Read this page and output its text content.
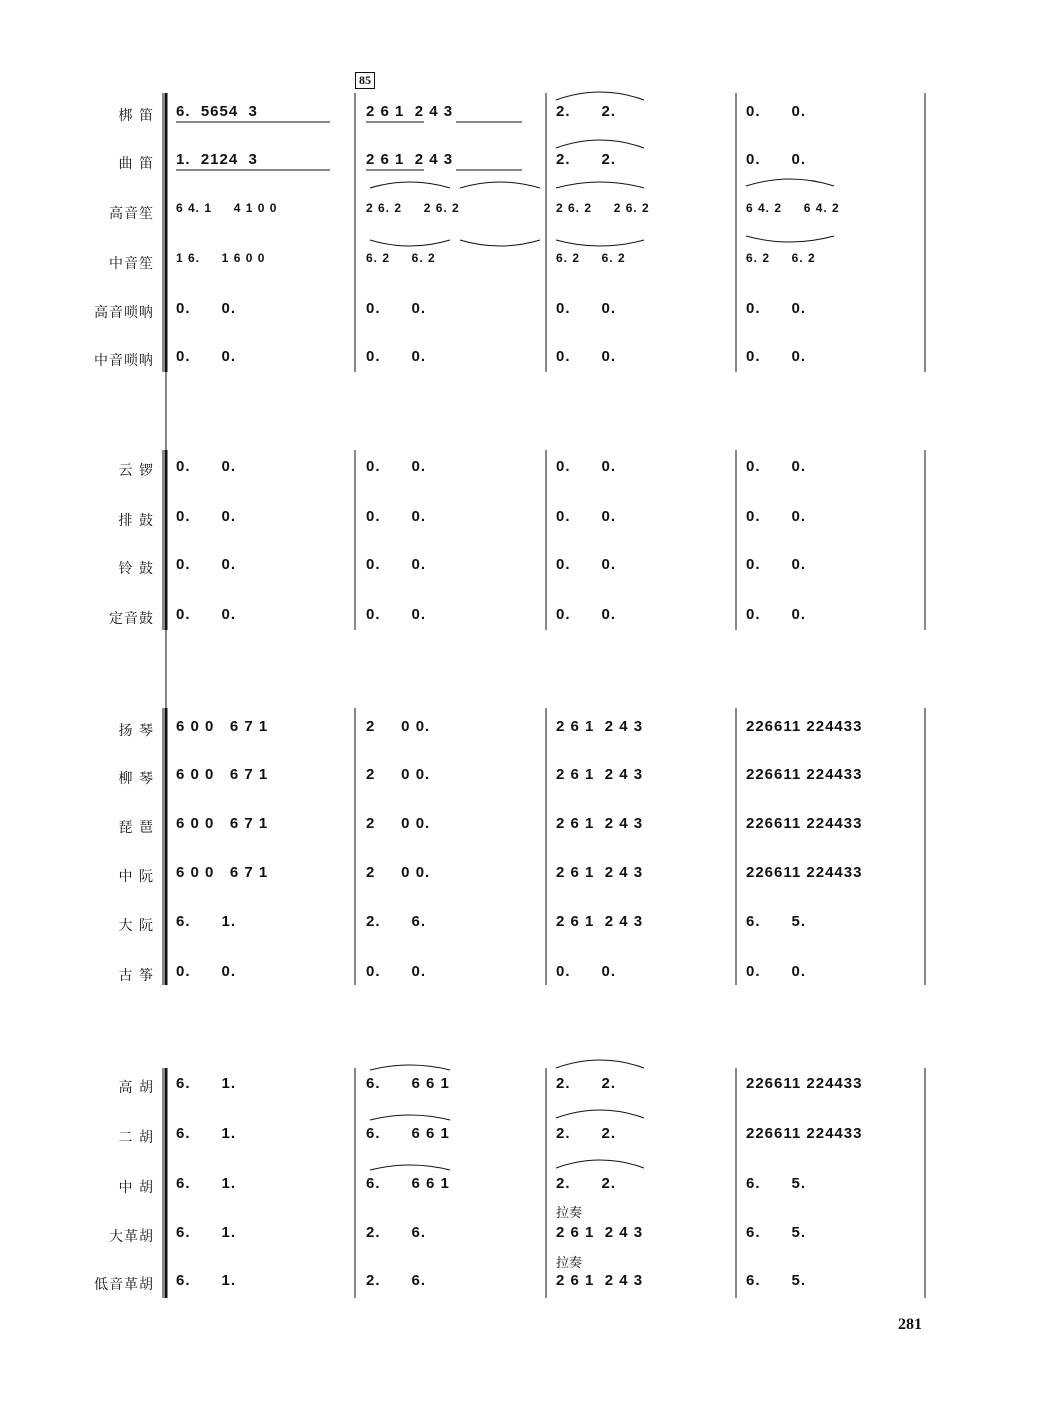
85
梆 笛 6.  5654  3	2 6 1  2 4 3	2.      2.	0.      0.
曲 笛 1.  2124  3	2 6 1  2 4 3	2.      2.	0.      0.
高音笙 6 4. 1     4 1 0 0	2 6. 2     2 6. 2	2 6. 2     2 6. 2	6 4. 2     6 4. 2
中音笙 1 6.     1 6 0 0	6. 2     6. 2	6. 2     6. 2	6. 2     6. 2
高音唢呐 0.      0.	0.      0.	0.      0.	0.      0.
中音唢呐 0.      0.	0.      0.	0.      0.	0.      0.
云 锣 0.      0.	0.      0.	0.      0.	0.      0.
排 鼓 0.      0.	0.      0.	0.      0.	0.      0.
铃 鼓 0.      0.	0.      0.	0.      0.	0.      0.
定音鼓 0.      0.	0.      0.	0.      0.	0.      0.
扬 琴 6 0 0   6 7 1	2     0 0.	2 6 1  2 4 3	226611 224433
柳 琴 6 0 0   6 7 1	2     0 0.	2 6 1  2 4 3	226611 224433
琵 琶 6 0 0   6 7 1	2     0 0.	2 6 1  2 4 3	226611 224433
中 阮 6 0 0   6 7 1	2     0 0.	2 6 1  2 4 3	226611 224433
大 阮 6.      1.	2.      6.	2 6 1  2 4 3	6.      5.
古 筝 0.      0.	0.      0.	0.      0.	0.      0.
高 胡 6.      1.	6.      6 6 1	2.      2.	226611 224433
二 胡 6.      1.	6.      6 6 1	2.      2.	226611 224433
中 胡 6.      1.	6.      6 6 1	2.      2.	6.      5.
拉奏
大革胡 6.      1.	2.      6.	2 6 1  2 4 3	6.      5.
拉奏
低音革胡 6.      1.	2.      6.	2 6 1  2 4 3	6.      5.
281
